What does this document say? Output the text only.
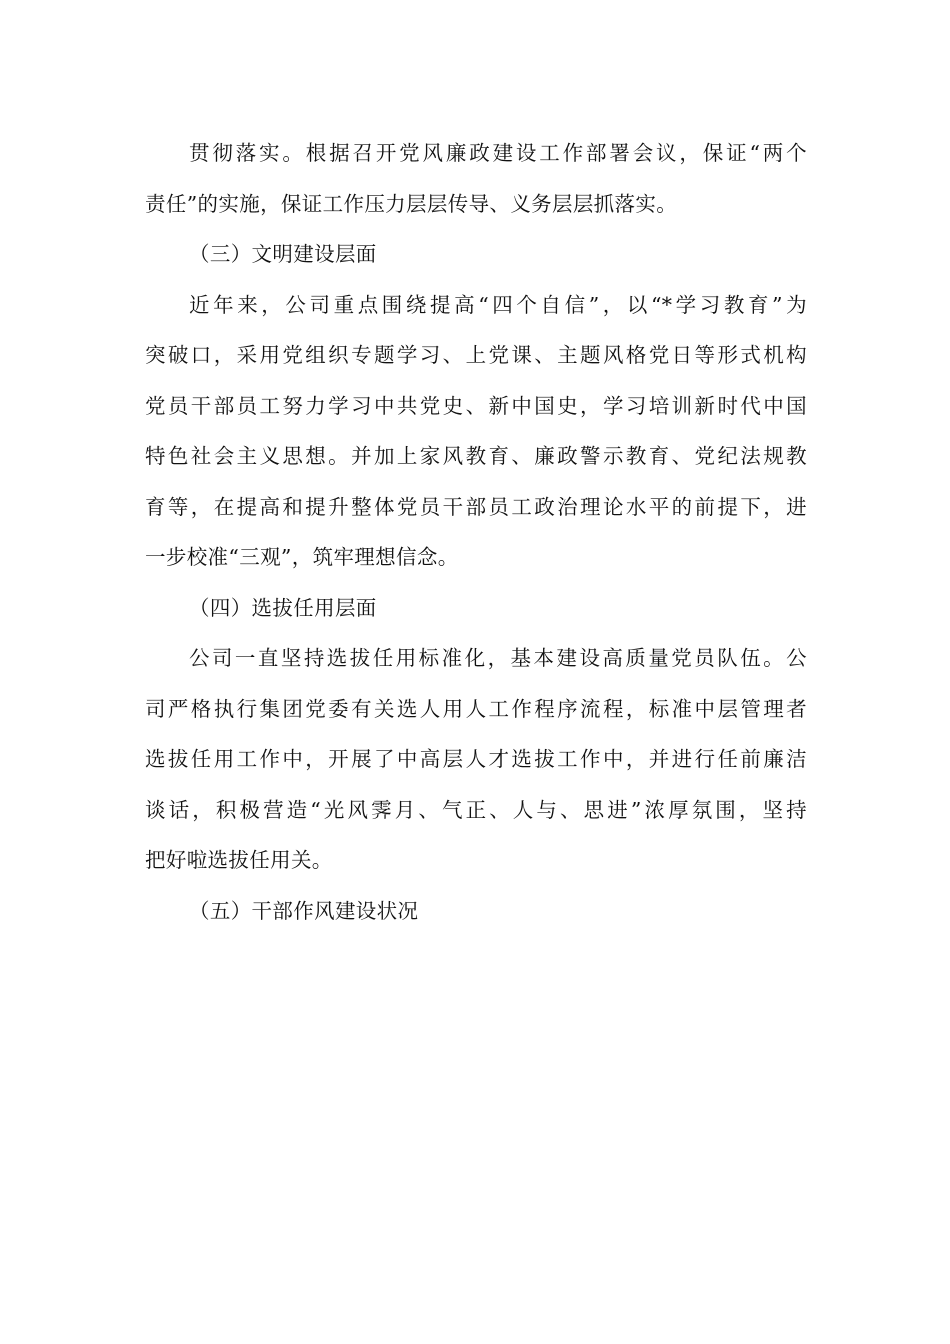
贯彻落实。根据召开党风廉政建设工作部署会议，保证“两个
责任”的实施，保证工作压力层层传导、义务层层抓落实。
（三）文明建设层面
近年来，公司重点围绕提高“四个自信”，以“*学习教育”为
突破口，采用党组织专题学习、上党课、主题风格党日等形式机构
党员干部员工努力学习中共党史、新中国史，学习培训新时代中国
特色社会主义思想。并加上家风教育、廉政警示教育、党纪法规教
育等，在提高和提升整体党员干部员工政治理论水平的前提下，进
一步校准“三观”，筑牢理想信念。
（四）选拔任用层面
公司一直坚持选拔任用标准化，基本建设高质量党员队伍。公
司严格执行集团党委有关选人用人工作程序流程，标准中层管理者
选拔任用工作中，开展了中高层人才选拔工作中，并进行任前廉洁
谈话，积极营造“光风霁月、气正、人与、思进”浓厚氛围，坚持
把好啦选拔任用关。
（五）干部作风建设状况
